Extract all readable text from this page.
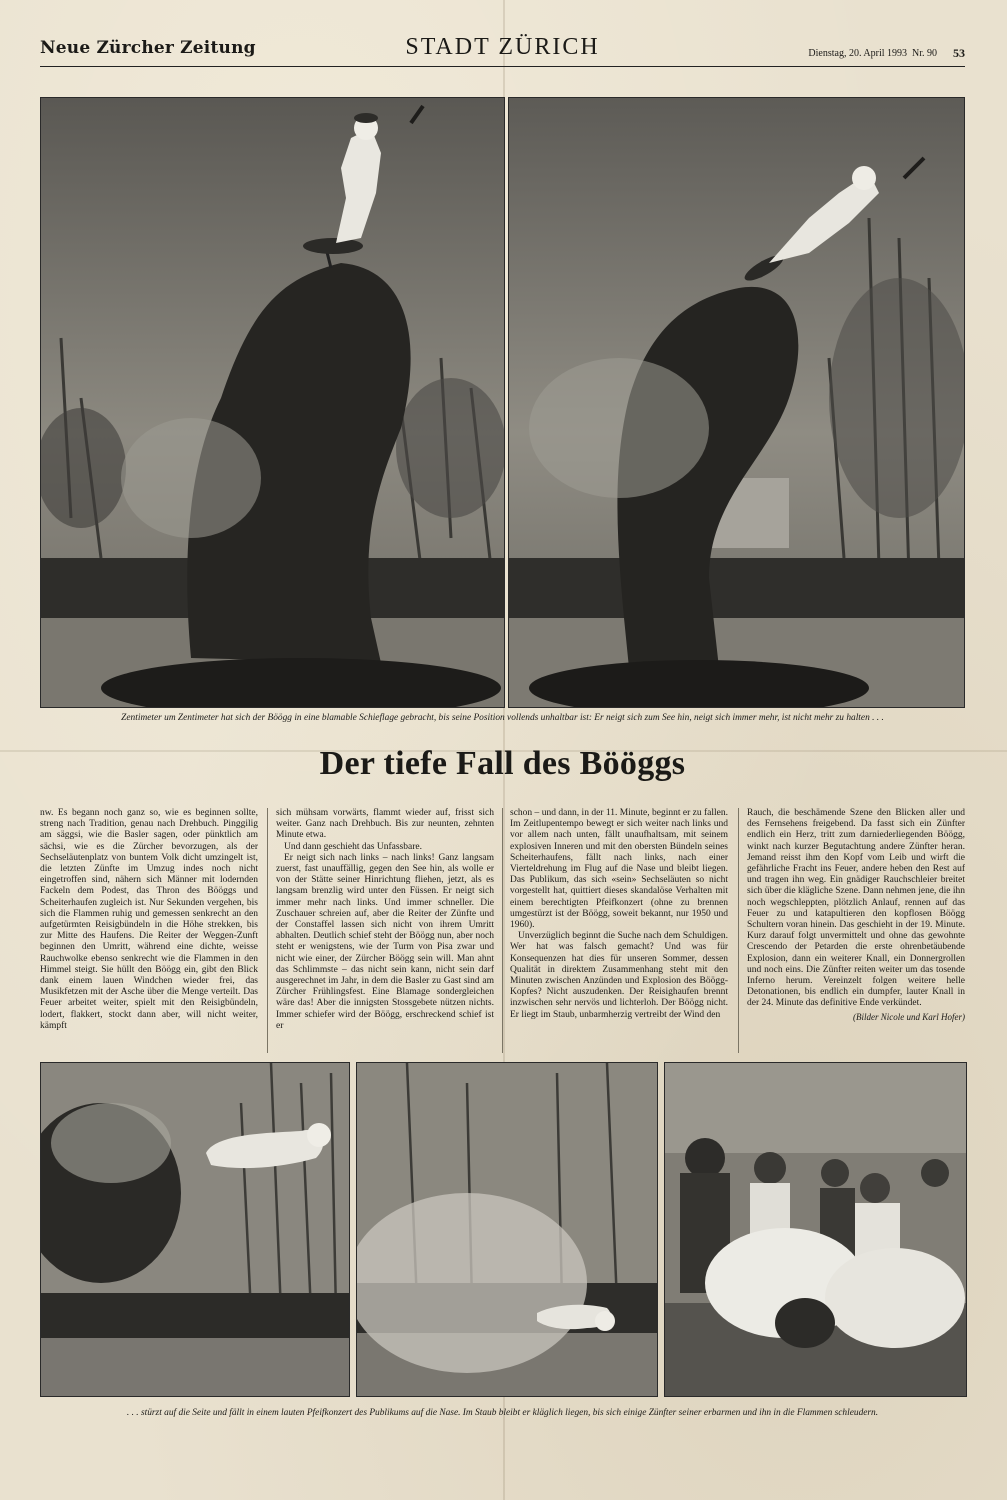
Neue Zürcher Zeitung	STADT ZÜRICH	Dienstag, 20. April 1993 Nr. 90 53
Zentimeter um Zentimeter hat sich der Böögg in eine blamable Schieflage gebracht, bis seine Position vollends unhaltbar ist: Er neigt sich zum See hin, neigt sich immer mehr, ist nicht mehr zu halten . . .
Der tiefe Fall des Bööggs

nw. Es begann noch ganz so, wie es beginnen sollte, streng nach Tradition, genau nach Drehbuch. Pinggilig am säggsi, wie die Basler sagen, oder pünktlich am sächsi, wie es die Zürcher bevorzugen, als der Sechseläutenplatz von buntem Volk dicht umzingelt ist, die letzten Zünfte im Umzug indes noch nicht eingetroffen sind, nähern sich Männer mit lodernden Fackeln dem Podest, das Thron des Bööggs und Scheiterhaufen zugleich ist. Nur Sekunden vergehen, bis sich die Flammen ruhig und gemessen senkrecht an den aufgetürmten Reisigbündeln in die Höhe strekken, bis zur Mitte des Haufens. Die Reiter der Weggen-Zunft beginnen den Umritt, während eine dichte, weisse Rauchwolke ebenso senkrecht wie die Flammen in den Himmel steigt. Sie hüllt den Böögg ein, gibt den Blick dank einem lauen Windchen wieder frei, das Musikfetzen mit der Asche über die Menge verteilt. Das Feuer arbeitet weiter, spielt mit den Reisigbündeln, lodert, flakkert, stockt dann aber, will nicht weiter, kämpft

sich mühsam vorwärts, flammt wieder auf, frisst sich weiter. Ganz nach Drehbuch. Bis zur neunten, zehnten Minute etwa.

Und dann geschieht das Unfassbare.

Er neigt sich nach links – nach links! Ganz langsam zuerst, fast unauffällig, gegen den See hin, als wolle er von der Stätte seiner Hinrichtung fliehen, jetzt, als es langsam brenzlig wird unter den Füssen. Er neigt sich immer mehr nach links. Und immer schneller. Die Zuschauer schreien auf, aber die Reiter der Zünfte und der Constaffel lassen sich nicht von ihrem Umritt abhalten. Deutlich schief steht der Böögg nun, aber noch steht er wenigstens, wie der Turm von Pisa zwar und nicht wie einer, der Zürcher Böögg sein will. Man ahnt das Schlimmste – das nicht sein kann, nicht sein darf ausgerechnet im Jahr, in dem die Basler zu Gast sind am Zürcher Frühlingsfest. Eine Blamage sondergleichen wäre das! Aber die innigsten Stossgebete nützen nichts. Immer schiefer wird der Böögg, erschreckend schief ist er

schon – und dann, in der 11. Minute, beginnt er zu fallen. Im Zeitlupentempo bewegt er sich weiter nach links und vor allem nach unten, fällt unaufhaltsam, mit seinem explosiven Inneren und mit den obersten Bündeln seines Scheiterhaufens, fällt nach links, nach einer Vierteldrehung im Flug auf die Nase und bleibt liegen. Das Publikum, das sich «sein» Sechseläuten so nicht vorgestellt hat, quittiert dieses skandalöse Verhalten mit einem berechtigten Pfeifkonzert (ohne zu brennen umgestürzt ist der Böögg, soweit bekannt, nur 1950 und 1960).

Unverzüglich beginnt die Suche nach dem Schuldigen. Wer hat was falsch gemacht? Und was für Konsequenzen hat dies für unseren Sommer, dessen Qualität in direktem Zusammenhang steht mit den Minuten zwischen Anzünden und Explosion des Böögg-Kopfes? Nicht auszudenken. Der Reisighaufen brennt inzwischen sehr nervös und lichterloh. Der Böögg nicht. Er liegt im Staub, unbarmherzig vertreibt der Wind den

Rauch, die beschämende Szene den Blicken aller und des Fernsehens freigebend. Da fasst sich ein Zünfter endlich ein Herz, tritt zum darniederliegenden Böögg, winkt nach kurzer Begutachtung andere Zünfter heran. Jemand reisst ihm den Kopf vom Leib und wirft die gefährliche Fracht ins Feuer, andere heben den Rest auf und tragen ihn weg. Ein gnädiger Rauchschleier breitet sich über die klägliche Szene. Dann nehmen jene, die ihn noch wegschleppten, plötzlich Anlauf, rennen auf das Feuer zu und katapultieren den kopflosen Böögg Schultern voran hinein. Das geschieht in der 19. Minute. Kurz darauf folgt unvermittelt und ohne das gewohnte Crescendo der Petarden die erste ohrenbetäubende Explosion, dann ein weiterer Knall, ein Donnergrollen und noch eins. Die Zünfter reiten weiter um das tosende Inferno herum. Vereinzelt folgen weitere helle Detonationen, bis endlich ein dumpfer, lauter Knall in der 24. Minute das definitive Ende verkündet.

(Bilder Nicole und Karl Hofer)
. . . stürzt auf die Seite und fällt in einem lauten Pfeifkonzert des Publikums auf die Nase. Im Staub bleibt er kläglich liegen, bis sich einige Zünfter seiner erbarmen und ihn in die Flammen schleudern.
